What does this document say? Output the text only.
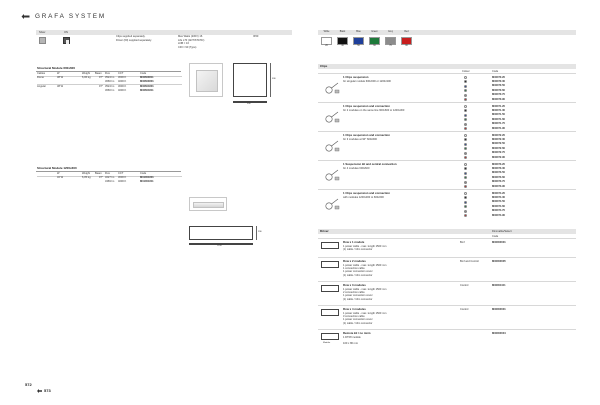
GRAFA SYSTEM
Silver	ON
Clips supplied separately.
Driver (60) supplied separately.
Max Watts (230V) 16
Life L70 (ANTISTATIC)
LNB = 16
CRI = 90 (Type)
IP20
Structural Module 600x600
Cables	W	Weight Beam Flux	CCT	Code
Dome	38 W	6,06 kg	97° 3524 lm 3000 K	M30600811
3666 lm 4000 K	M30600801
Angular	38 W	97° 3524 lm 3000 K	M30604801
3666 lm 4000 K	M30604811
596
596
Structural Module 1200x300
W	Weight Beam Flux	CCT	Code
32 W	6,05 kg	97° 3227 lm 3000 K	M31001801
3469 lm 4000 K	M31001811
296
1196
White
20
Black
30
Blue
50
Green
60
Grey
70
Red
90
Clips
Colour	Code
1 Clips suspension
for singular module 600x600 or 1200x300
M30070.20
M30070.30
M30070.50
M30070.60
M30070.70
M30070.90
1 Clips suspension and connection
for 2 modules on the same line 600x600 or 1200x300
M30071.20
M30071.30
M30071.50
M30071.60
M30071.70
M30071.90
1 Clips suspension and connection
for 3 modules at 90° 600x600
M30072.20
M30072.30
M30072.50
M30072.60
M30072.70
M30072.90
1 Suspension kit and central connection
for 4 modules 600x600
M30073.20
M30073.30
M30073.50
M30073.60
M30073.70
M30073.90
1 Clips suspension and connection
with modules 1200x300 to 600x600
M30074.20
M30074.30
M30074.50
M30074.60
M30074.70
M30074.90
Driver	Dimmable/Select
Code
Row x 1 module
1 power cable - max. length 1500 mm
(1) cable / 10m connector
Bmf	M30000001
Row x 2 modules
1 power cable - max. length 1500 mm
1 connection cable
1 power connection cover
(1) cable / 10m connector
Bmf and Control	M30000005
Row x 3 modules
1 power cable - max. length 1500 mm
2 connection cable
1 power connection cover
(1) cable / 10m connector
Control	M30001101
Row x 4 modules
1 power cable - max. length 1500 mm
3 connection cable
1 power connection cover
(1) cable / 10m connector
Control	M30000001
Module
Remote kit / no mnm
1 DT08 module
100 x 80 mm
M30000004
572
573
